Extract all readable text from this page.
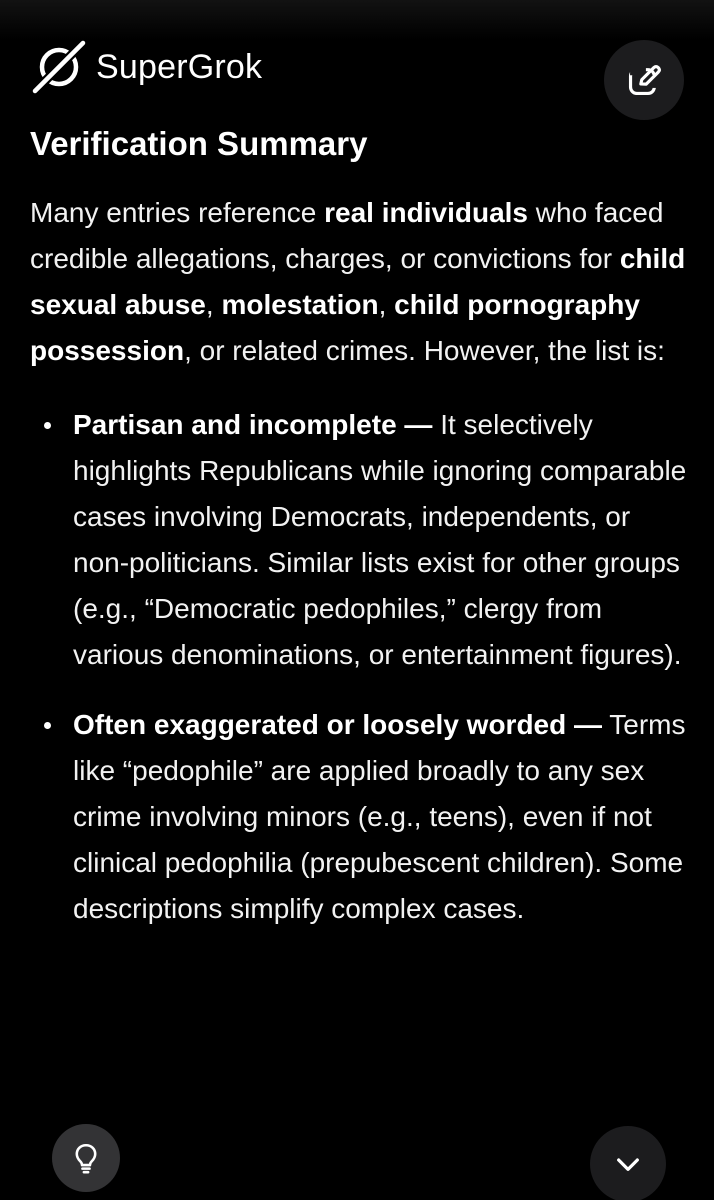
SuperGrok
Verification Summary

Many entries reference real individuals who faced credible allegations, charges, or convictions for child sexual abuse, molestation, child pornography possession, or related crimes. However, the list is:

Partisan and incomplete — It selectively highlights Republicans while ignoring comparable cases involving Democrats, independents, or non-politicians. Similar lists exist for other groups (e.g., “Democratic pedophiles,” clergy from various denominations, or entertainment figures).
Often exaggerated or loosely worded — Terms like “pedophile” are applied broadly to any sex crime involving minors (e.g., teens), even if not clinical pedophilia (prepubescent children). Some descriptions simplify complex cases.
